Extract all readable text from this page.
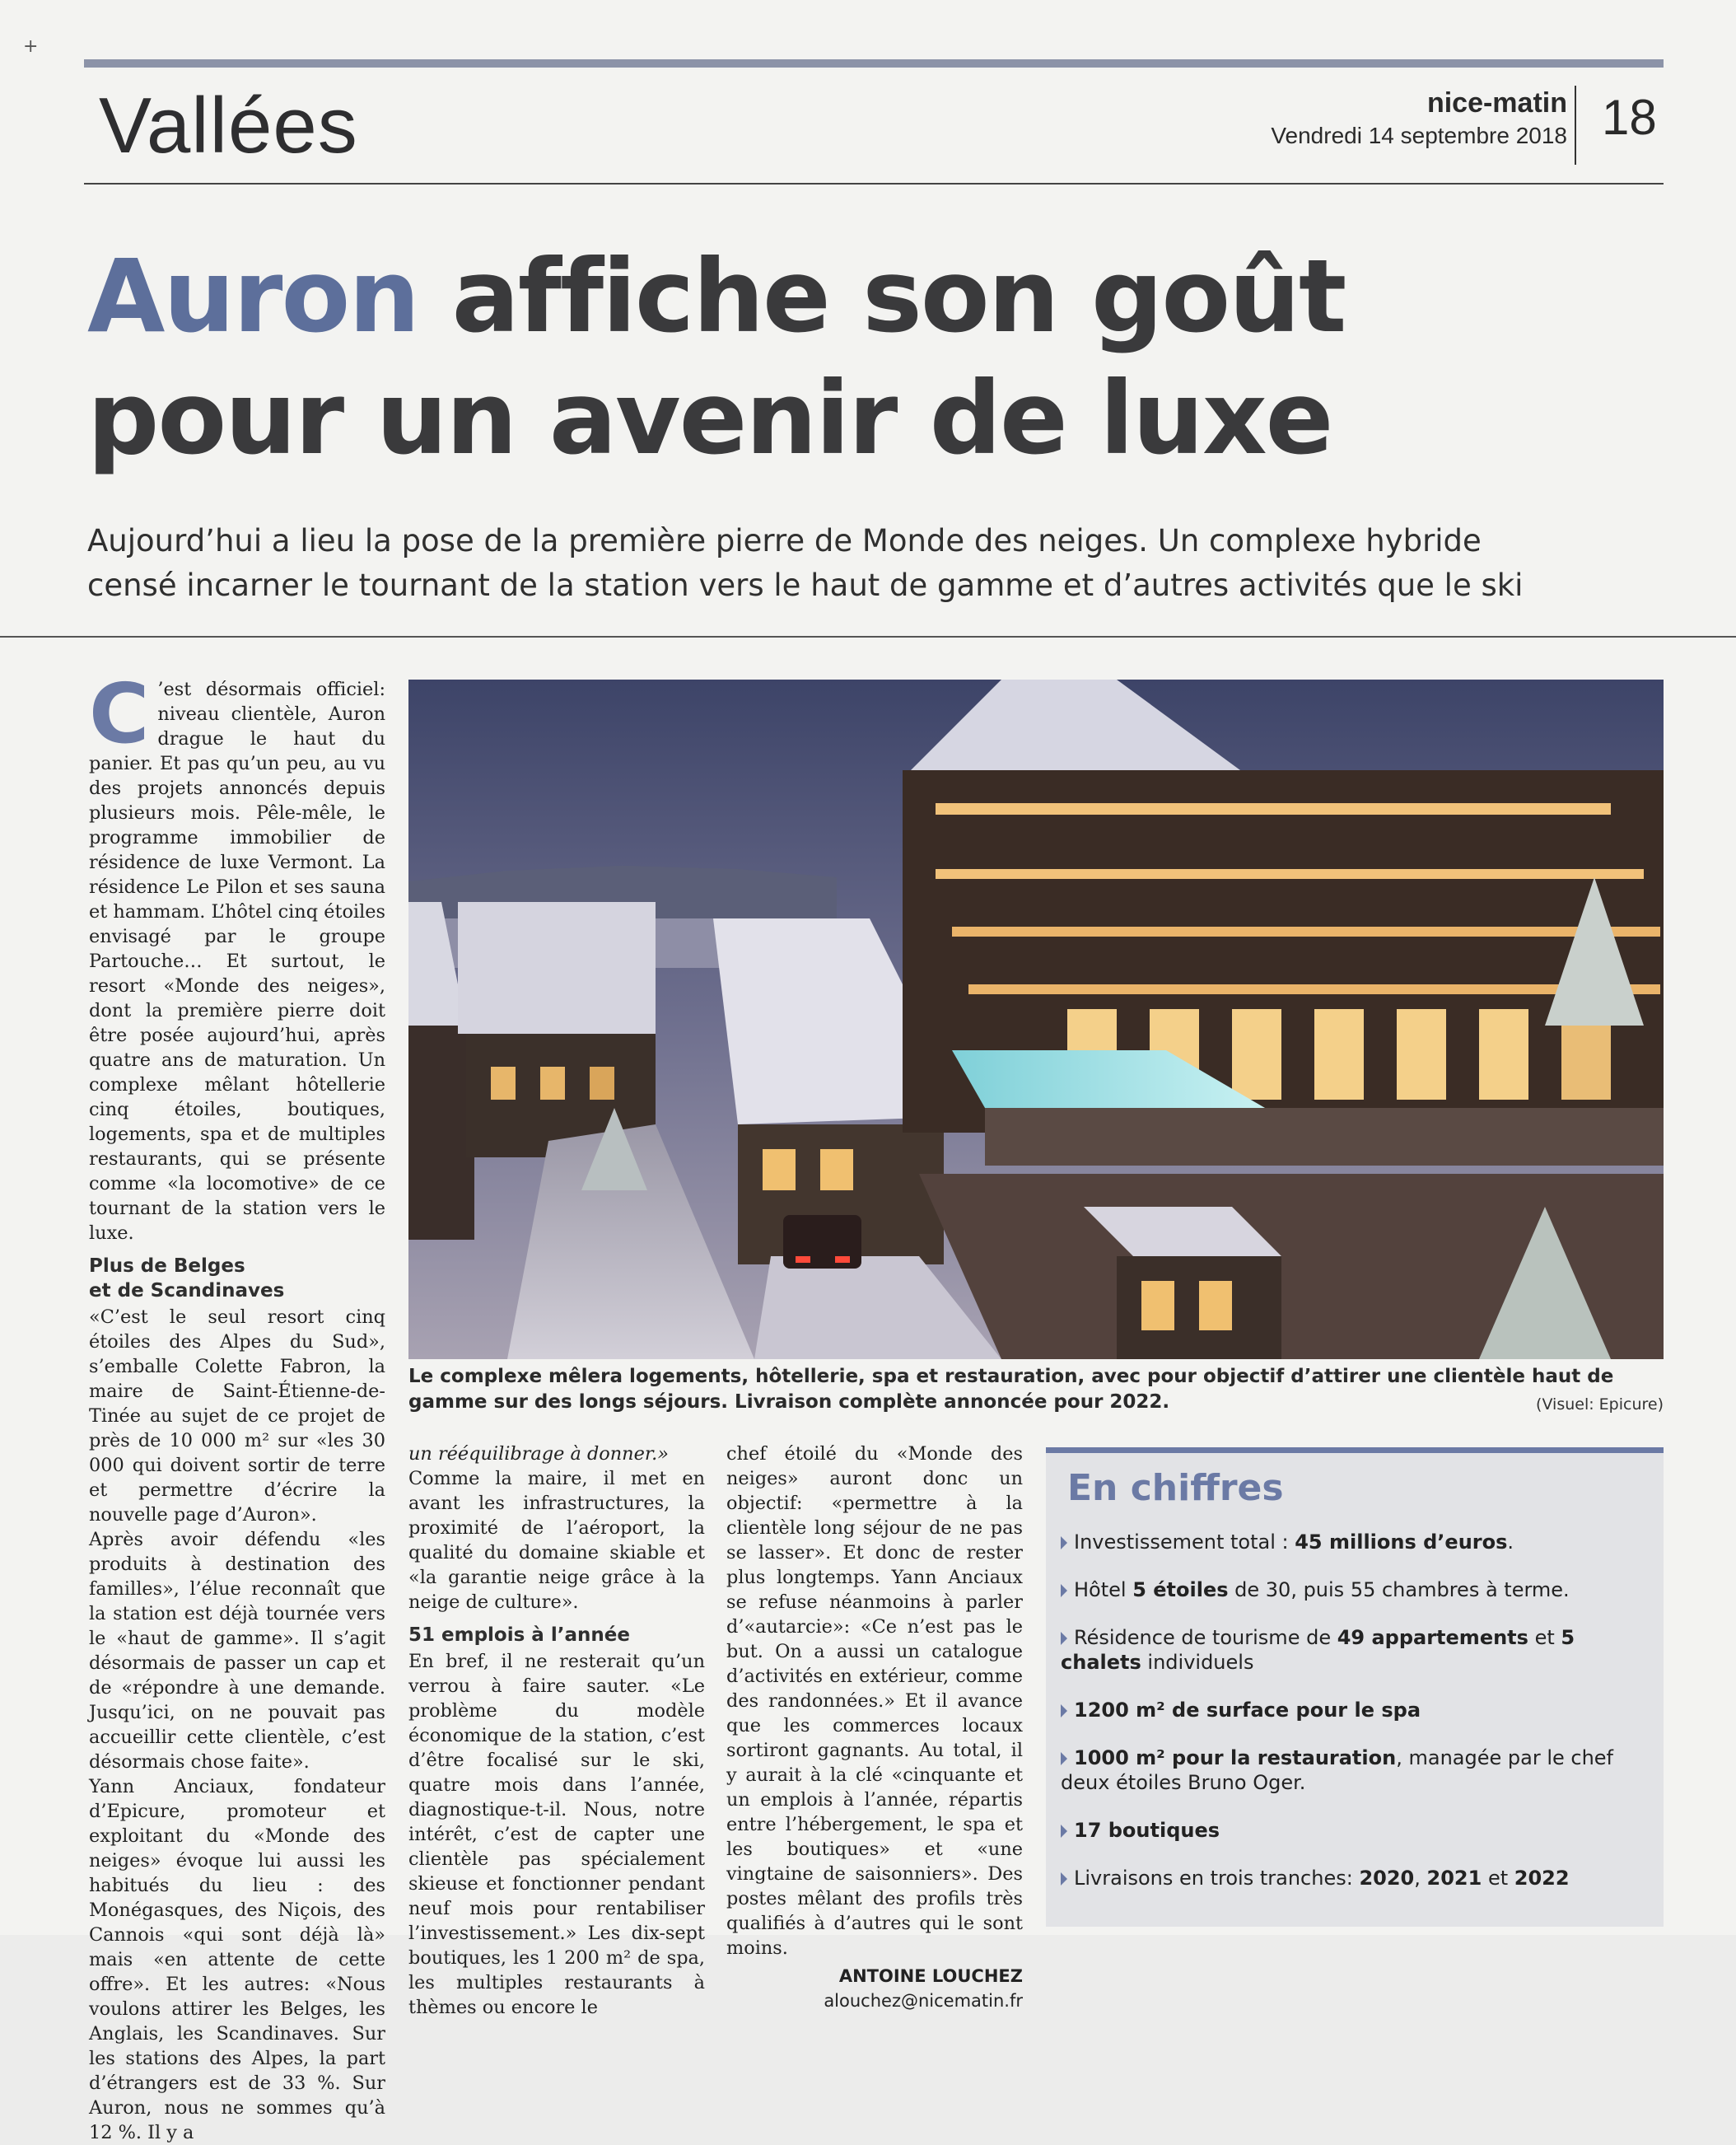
+
Vallées	nice-matin
Vendredi 14 septembre 2018 18
Auron affiche son goût
pour un avenir de luxe
Aujourd’hui a lieu la pose de la première pierre de Monde des neiges. Un complexe hybride
censé incarner le tournant de la station vers le haut de gamme et d’autres activités que le ski

C ’est désormais officiel: niveau clientèle, Auron drague le haut du panier. Et pas qu’un peu, au vu des projets annoncés depuis plusieurs mois. Pêle-mêle, le programme immobilier de résidence de luxe Vermont. La résidence Le Pilon et ses sauna et hammam. L’hôtel cinq étoiles envisagé par le groupe Partouche… Et surtout, le resort «Monde des neiges», dont la première pierre doit être posée aujourd’hui, après quatre ans de maturation. Un complexe mêlant hôtellerie cinq étoiles, boutiques, logements, spa et de multiples restaurants, qui se présente comme «la locomotive» de ce tournant de la station vers le luxe.

Plus de Belges
et de Scandinaves

«C’est le seul resort cinq étoiles des Alpes du Sud», s’emballe Colette Fabron, la maire de Saint-Étienne-de-Tinée au sujet de ce projet de près de 10 000 m² sur «les 30 000 qui doivent sortir de terre et permettre d’écrire la nouvelle page d’Auron».

Après avoir défendu «les produits à destination des familles», l’élue reconnaît que la station est déjà tournée vers le «haut de gamme». Il s’agit désormais de passer un cap et de «répondre à une demande. Jusqu’ici, on ne pouvait pas accueillir cette clientèle, c’est désormais chose faite».

Yann Anciaux, fondateur d’Epicure, promoteur et exploitant du «Monde des neiges» évoque lui aussi les habitués du lieu : des Monégasques, des Niçois, des Cannois «qui sont déjà là» mais «en attente de cette offre». Et les autres: «Nous voulons attirer les Belges, les Anglais, les Scandinaves. Sur les stations des Alpes, la part d’étrangers est de 33 %. Sur Auron, nous ne sommes qu’à 12 %. Il y a

Le complexe mêlera logements, hôtellerie, spa et restauration, avec pour objectif d’attirer une clientèle haut de gamme sur des longs séjours. Livraison complète annoncée pour 2022.	(Visuel: Epicure)

un rééquilibrage à donner.»

Comme la maire, il met en avant les infrastructures, la proximité de l’aéroport, la qualité du domaine skiable et «la garantie neige grâce à la neige de culture».

51 emplois à l’année

En bref, il ne resterait qu’un verrou à faire sauter. «Le problème du modèle économique de la station, c’est d’être focalisé sur le ski, quatre mois dans l’année, diagnostique-t-il. Nous, notre intérêt, c’est de capter une clientèle pas spécialement skieuse et fonctionner pendant neuf mois pour rentabiliser l’investissement.» Les dix-sept boutiques, les 1 200 m² de spa, les multiples restaurants à thèmes ou encore le

chef étoilé du «Monde des neiges» auront donc un objectif: «permettre à la clientèle long séjour de ne pas se lasser». Et donc de rester plus longtemps. Yann Anciaux se refuse néanmoins à parler d’«autarcie»: «Ce n’est pas le but. On a aussi un catalogue d’activités en extérieur, comme des randonnées.» Et il avance que les commerces locaux sortiront gagnants. Au total, il y aurait à la clé «cinquante et un emplois à l’année, répartis entre l’hébergement, le spa et les boutiques» et «une vingtaine de saisonniers». Des postes mêlant des profils très qualifiés à d’autres qui le sont moins.

ANTOINE LOUCHEZ
alouchez@nicematin.fr
En chiffres
Investissement total : 45 millions d’euros.
Hôtel 5 étoiles de 30, puis 55 chambres à terme.
Résidence de tourisme de 49 appartements et 5 chalets individuels
1200 m² de surface pour le spa
1000 m² pour la restauration, managée par le chef deux étoiles Bruno Oger.
17 boutiques
Livraisons en trois tranches: 2020, 2021 et 2022
